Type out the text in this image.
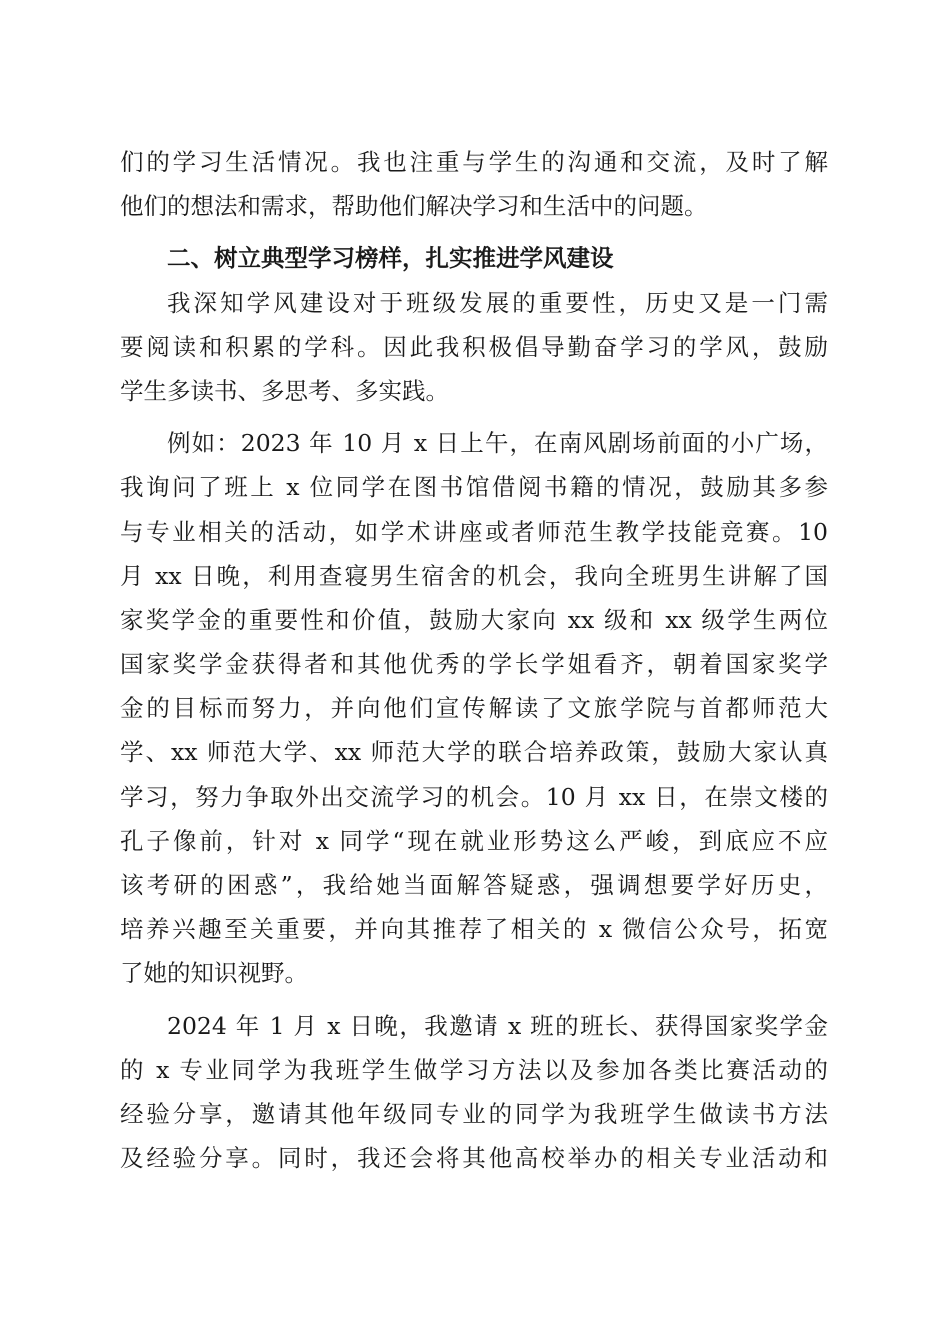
们的学习生活情况。我也注重与学生的沟通和交流，及时了解
他们的想法和需求，帮助他们解决学习和生活中的问题。
二、树立典型学习榜样，扎实推进学风建设
我深知学风建设对于班级发展的重要性，历史又是一门需
要阅读和积累的学科。因此我积极倡导勤奋学习的学风，鼓励
学生多读书、多思考、多实践。
例如：2023 年 10 月 x 日上午，在南风剧场前面的小广场，
我询问了班上 x 位同学在图书馆借阅书籍的情况，鼓励其多参
与专业相关的活动，如学术讲座或者师范生教学技能竞赛。10
月 xx 日晚，利用查寝男生宿舍的机会，我向全班男生讲解了国
家奖学金的重要性和价值，鼓励大家向 xx 级和 xx 级学生两位
国家奖学金获得者和其他优秀的学长学姐看齐，朝着国家奖学
金的目标而努力，并向他们宣传解读了文旅学院与首都师范大
学、xx 师范大学、xx 师范大学的联合培养政策，鼓励大家认真
学习，努力争取外出交流学习的机会。10 月 xx 日，在崇文楼的
孔子像前，针对 x 同学“现在就业形势这么严峻，到底应不应
该考研的困惑”，我给她当面解答疑惑，强调想要学好历史，
培养兴趣至关重要，并向其推荐了相关的 x 微信公众号，拓宽
了她的知识视野。
2024 年 1 月 x 日晚，我邀请 x 班的班长、获得国家奖学金
的 x 专业同学为我班学生做学习方法以及参加各类比赛活动的
经验分享，邀请其他年级同专业的同学为我班学生做读书方法
及经验分享。同时，我还会将其他高校举办的相关专业活动和
